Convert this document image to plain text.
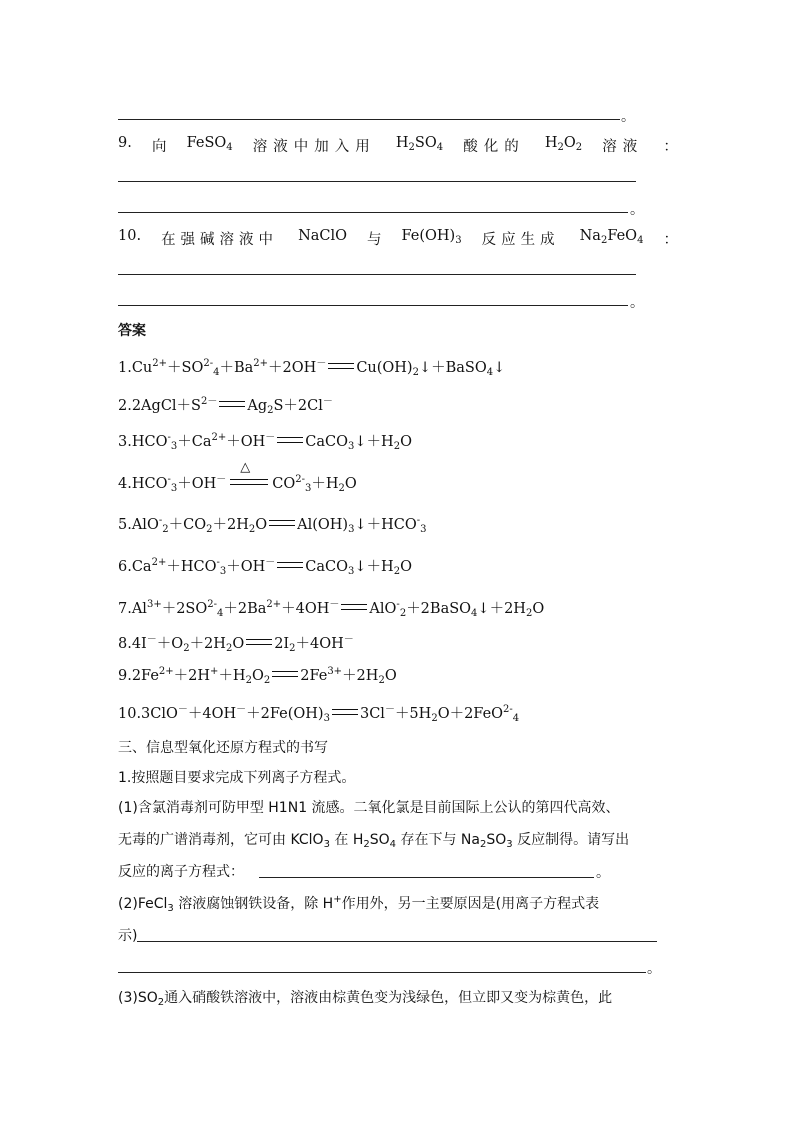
。
9. 向 FeSO$_4$ 溶液中加入用 $H_2SO_4$ 酸化的 $H_2O_2$ 溶液 ：
。
10. 在强碱溶液中 NaClO 与 $Fe(OH)_3$ 反应生成 $Na_2FeO_4$ ：
。
答案
$1.Cu^{2+}+SO^{2-}_4+Ba^{2+}+2OH^-$ $Cu(OH)_2↓+BaSO_4↓$
$2.2AgCl+S^{2-}$ $Ag_2S+2Cl^-$
$3.HCO^-_3+Ca^{2+}+OH^-$ $CaCO_3↓+H_2O$
$4.HCO^-_3+OH^-$
△
$CO^{2-}_3+H_2O$
$5.AlO^-_2+CO_2+2H_2O$ $Al(OH)_3↓+HCO^-_3$
$6.Ca^{2+}+HCO^-_3+OH^-$ $CaCO_3↓+H_2O$
$7.Al^{3+}+2SO^{2-}_4+2Ba^{2+}+4OH^-$ $AlO^-_2+2BaSO_4↓+2H_2O$
$8.4I^-+O_2+2H_2O$ $2I_2+4OH^-$
$9.2Fe^{2+}+2H^++H_2O_2$ $2Fe^{3+}+2H_2O$
$10.3ClO^-+4OH^-+2Fe(OH)_3$ $3Cl^-+5H_2O+2FeO^{2-}_4$
三、信息型氧化还原方程式的书写
1.按照题目要求完成下列离子方程式。
(1)含氯消毒剂可防甲型 H1N1 流感。二氧化氯是目前国际上公认的第四代高效、
无毒的广谱消毒剂，它可由 KClO$_3$ 在 $H_2SO_4$ 存在下与 $Na_2SO_3$ 反应制得。请写出
反应的离子方程式：	。
(2)FeCl$_3$ 溶液腐蚀钢铁设备，除 H+作用外，另一主要原因是(用离子方程式表
示)
。
$(3)SO_2$通入硝酸铁溶液中，溶液由棕黄色变为浅绿色，但立即又变为棕黄色，此
